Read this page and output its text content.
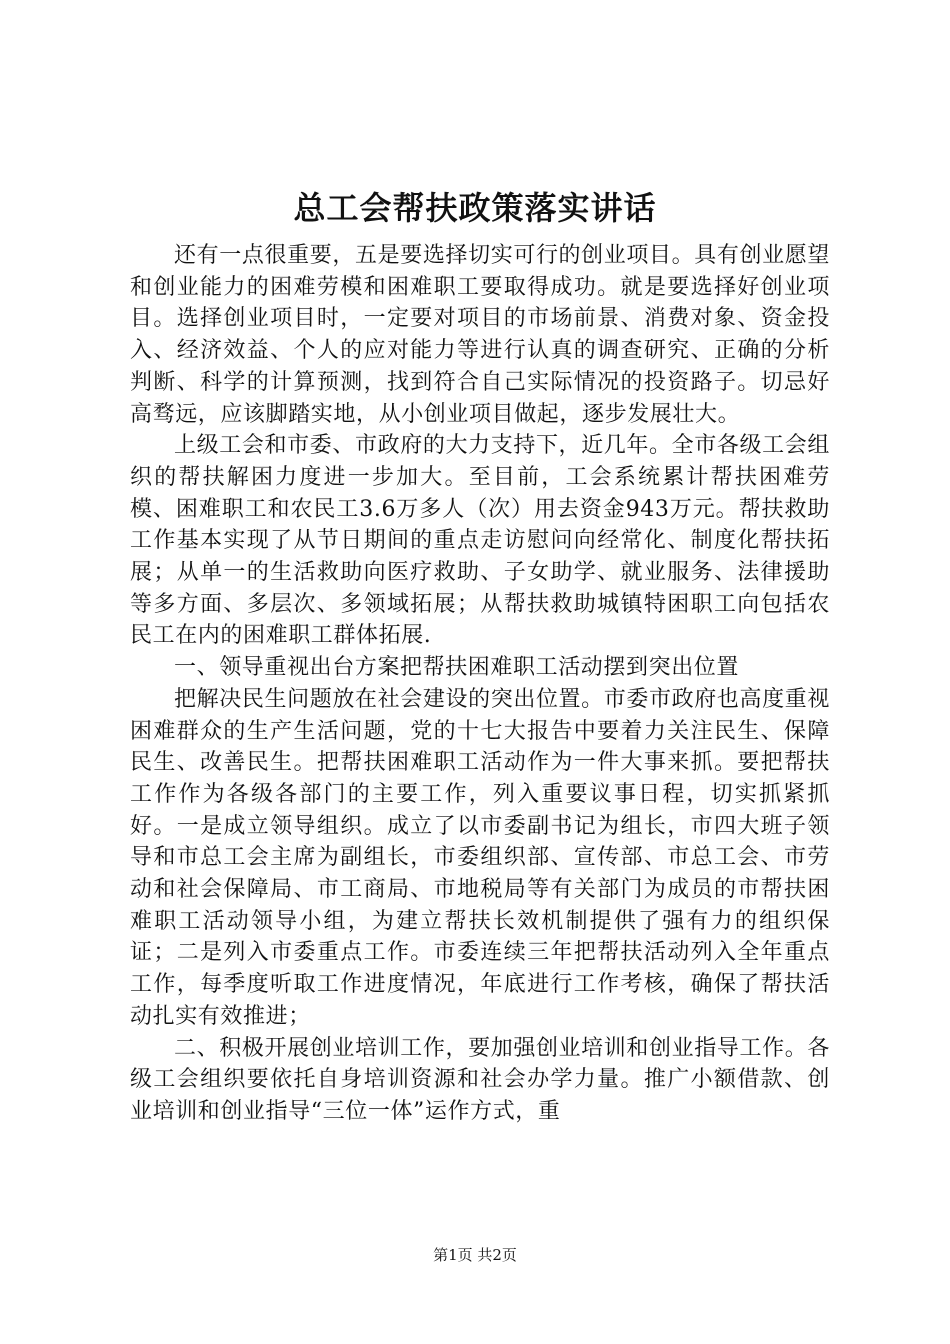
总工会帮扶政策落实讲话

还有一点很重要，五是要选择切实可行的创业项目。具有创业愿望和创业能力的困难劳模和困难职工要取得成功。就是要选择好创业项目。选择创业项目时，一定要对项目的市场前景、消费对象、资金投入、经济效益、个人的应对能力等进行认真的调查研究、正确的分析判断、科学的计算预测，找到符合自己实际情况的投资路子。切忌好高骛远，应该脚踏实地，从小创业项目做起，逐步发展壮大。

上级工会和市委、市政府的大力支持下，近几年。全市各级工会组织的帮扶解困力度进一步加大。至目前，工会系统累计帮扶困难劳模、困难职工和农民工3.6万多人（次）用去资金943万元。帮扶救助工作基本实现了从节日期间的重点走访慰问向经常化、制度化帮扶拓展；从单一的生活救助向医疗救助、子女助学、就业服务、法律援助等多方面、多层次、多领域拓展；从帮扶救助城镇特困职工向包括农民工在内的困难职工群体拓展.

一、领导重视出台方案把帮扶困难职工活动摆到突出位置

把解决民生问题放在社会建设的突出位置。市委市政府也高度重视困难群众的生产生活问题，党的十七大报告中要着力关注民生、保障民生、改善民生。把帮扶困难职工活动作为一件大事来抓。要把帮扶工作作为各级各部门的主要工作，列入重要议事日程，切实抓紧抓好。一是成立领导组织。成立了以市委副书记为组长，市四大班子领导和市总工会主席为副组长，市委组织部、宣传部、市总工会、市劳动和社会保障局、市工商局、市地税局等有关部门为成员的市帮扶困难职工活动领导小组，为建立帮扶长效机制提供了强有力的组织保证；二是列入市委重点工作。市委连续三年把帮扶活动列入全年重点工作，每季度听取工作进度情况，年底进行工作考核，确保了帮扶活动扎实有效推进；

二、积极开展创业培训工作，要加强创业培训和创业指导工作。各级工会组织要依托自身培训资源和社会办学力量。推广小额借款、创业培训和创业指导“三位一体”运作方式，重

第1页 共2页
